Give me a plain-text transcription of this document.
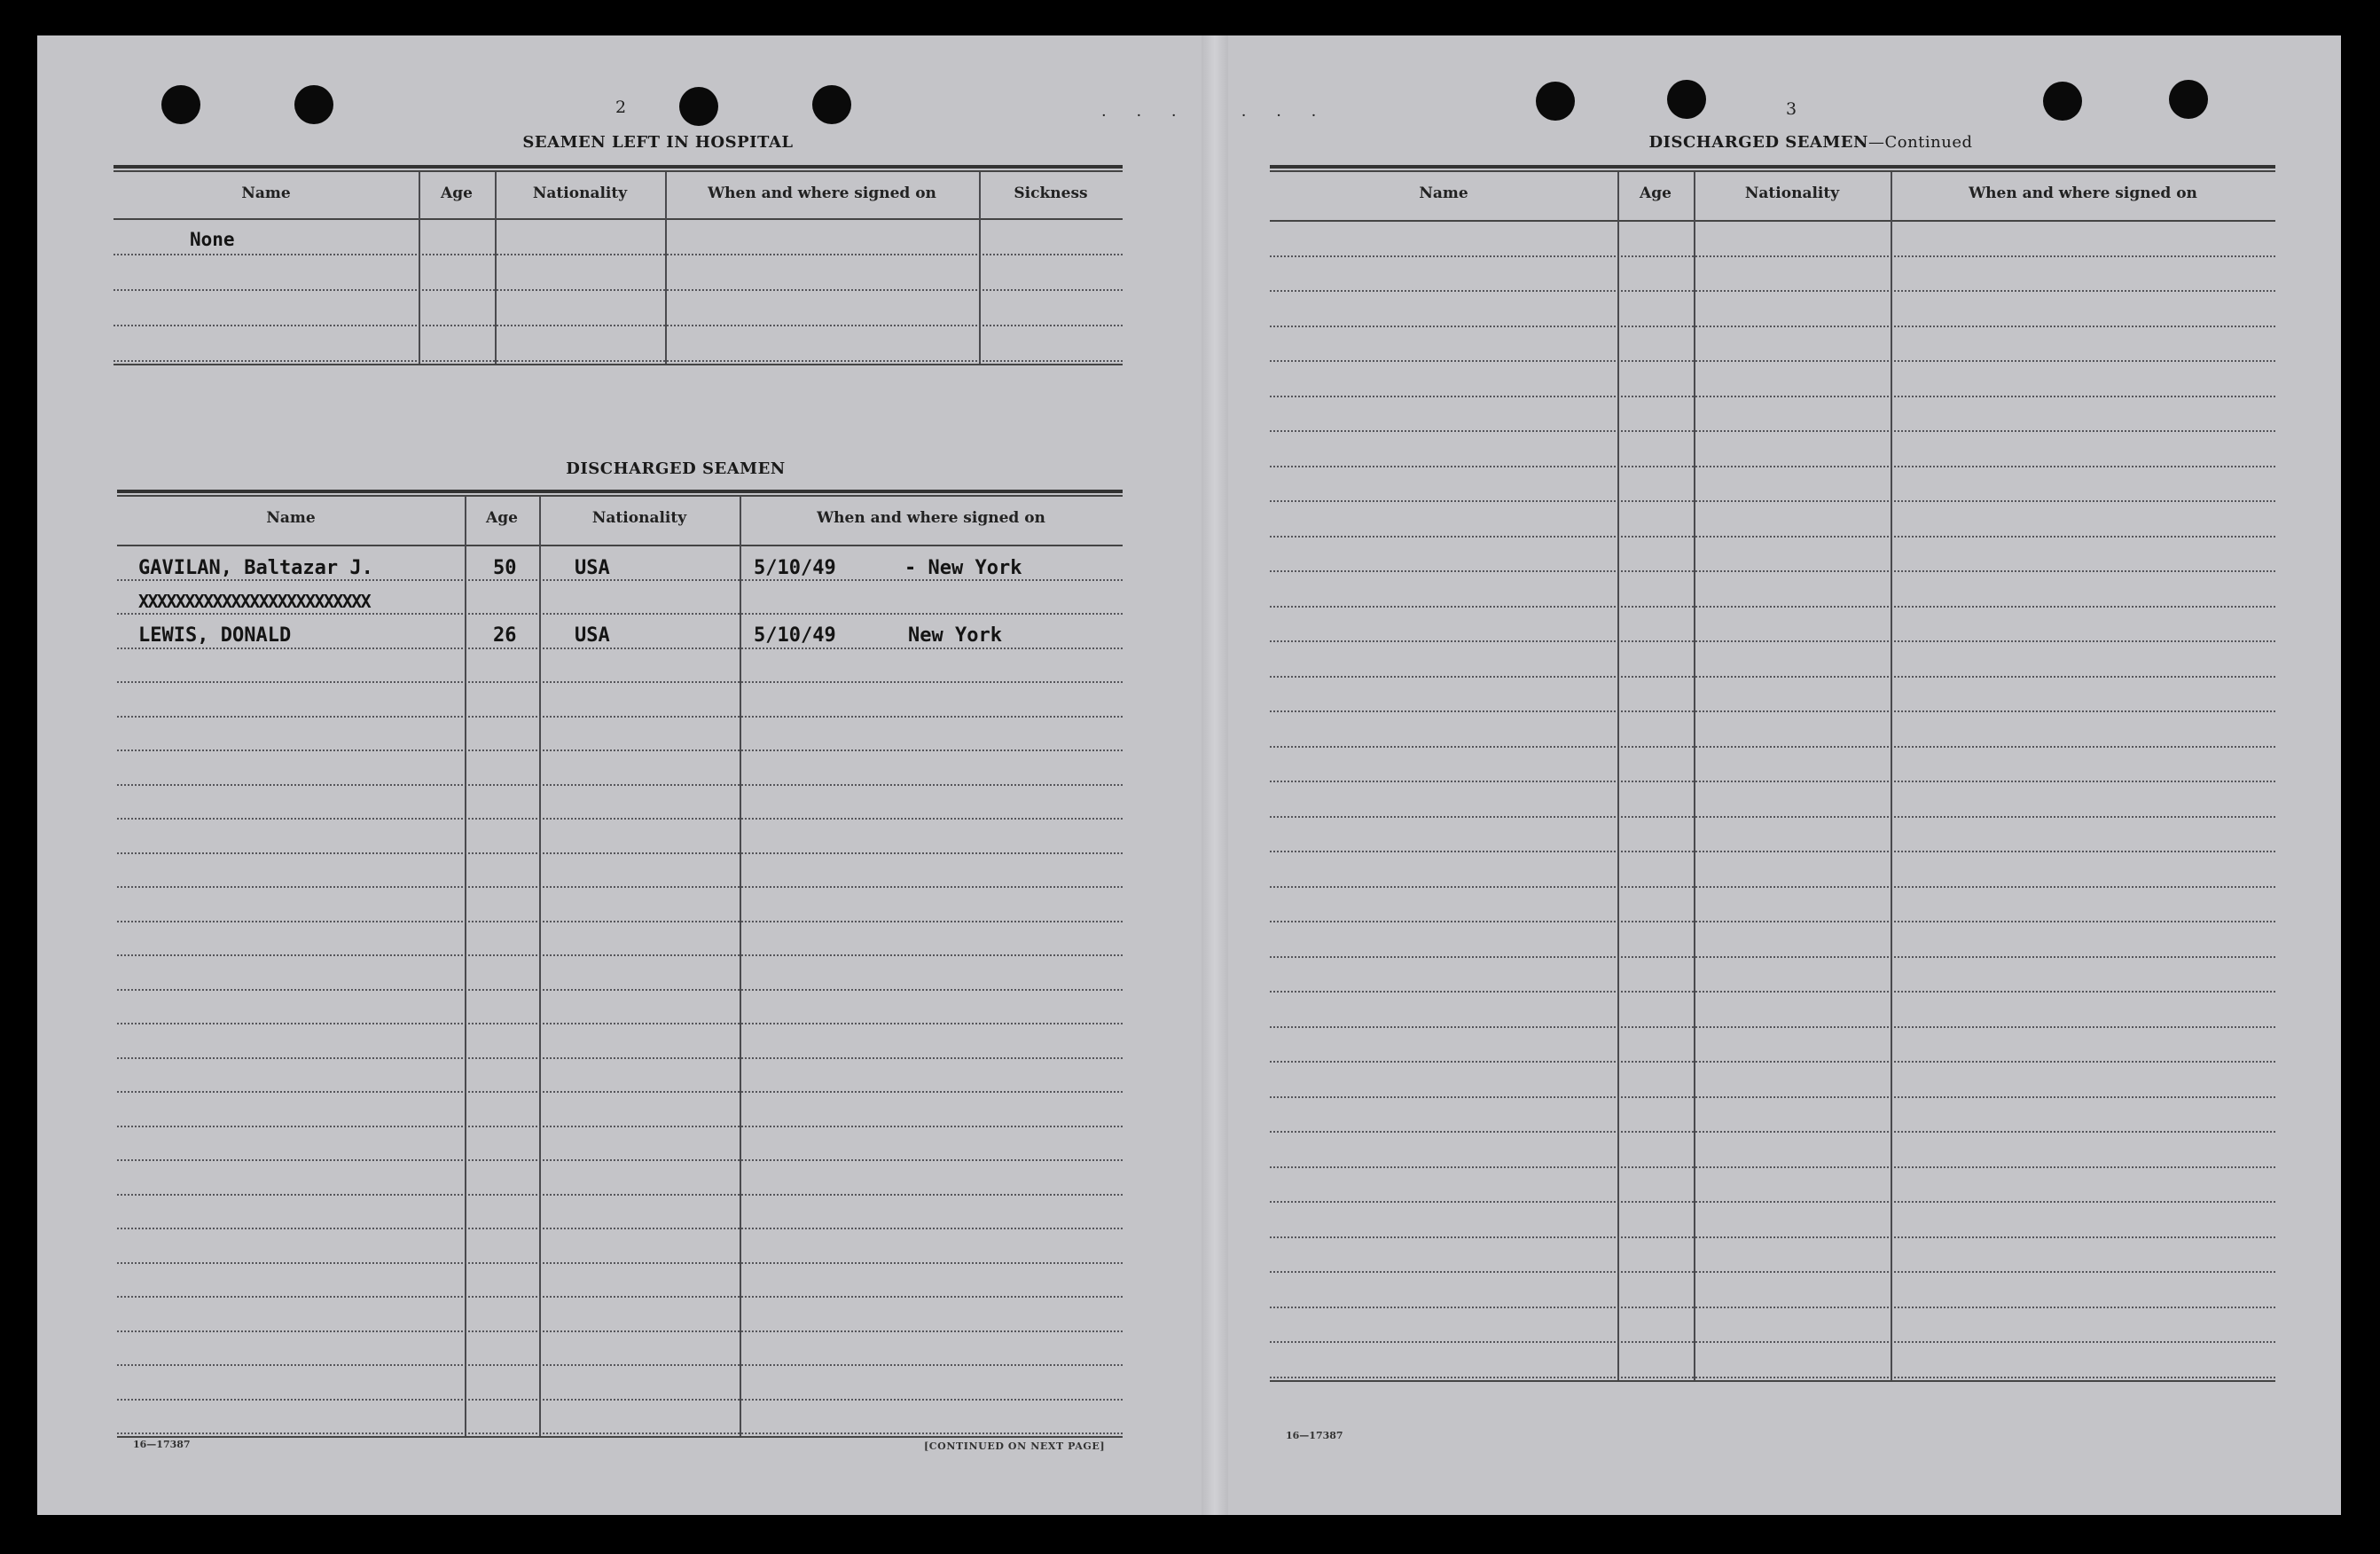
· · ·   · · ·
2
SEAMEN LEFT IN HOSPITAL
Name	Age	Nationality	When and where signed on	Sickness
Name	Age	Nationality	When and where signed on
None
DISCHARGED SEAMEN
GAVILAN, Baltazar J.	50	USA	5/10/49	- New York
XXXXXXXXXXXXXXXXXXXXXXXXX
LEWIS, DONALD	26	USA	5/10/49	New York
16—17387	[CONTINUED ON NEXT PAGE]
3
DISCHARGED SEAMEN—Continued
Name	Age	Nationality	When and where signed on
16—17387
